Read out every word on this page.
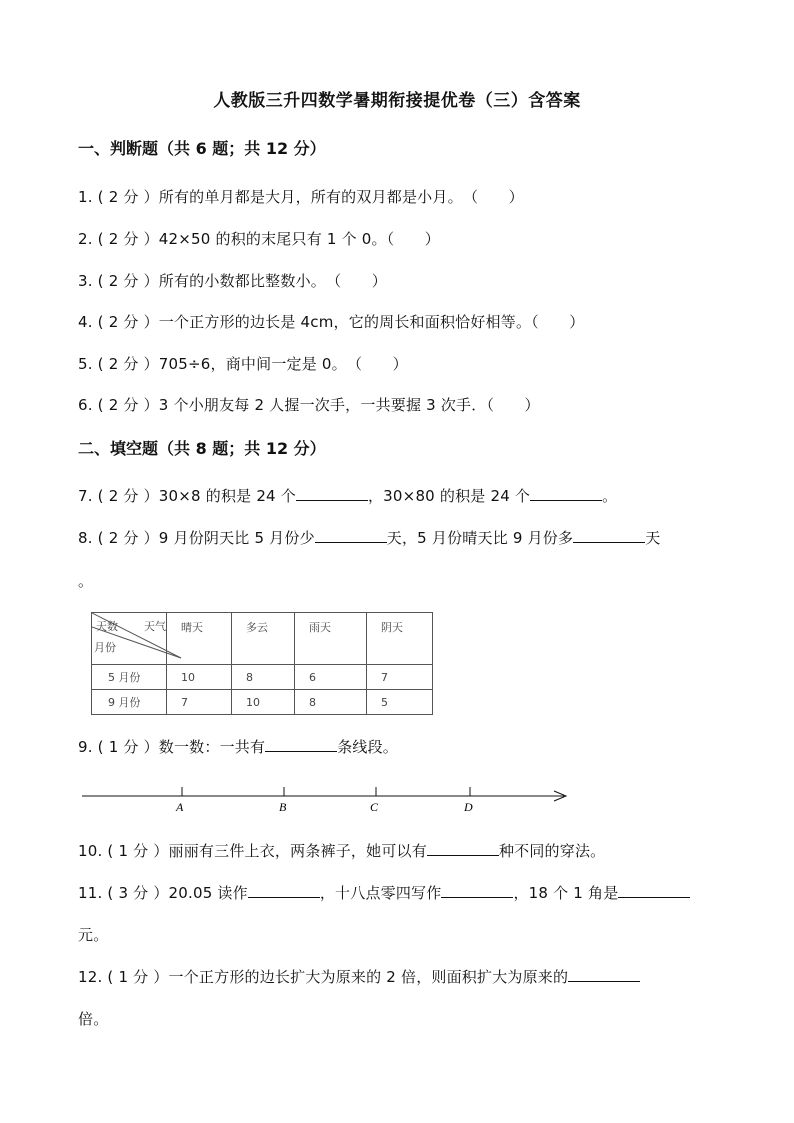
人教版三升四数学暑期衔接提优卷（三）含答案
一、判断题（共 6 题；共 12 分）
1. ( 2 分 ）所有的单月都是大月，所有的双月都是小月。　（　　）
2. ( 2 分 ）42×50 的积的末尾只有 1 个 0。（　　）
3. ( 2 分 ）所有的小数都比整数小。　（　　）
4. ( 2 分 ）一个正方形的边长是 4cm，它的周长和面积恰好相等。（　　）
5. ( 2 分 ）705÷6，商中间一定是 0。　（　　）
6. ( 2 分 ）3 个小朋友每 2 人握一次手，一共要握 3 次手．（　　）
二、填空题（共 8 题；共 12 分）
7. ( 2 分 ）30×8 的积是 24 个	，30×80 的积是 24 个	。
8. ( 2 分 ）9 月份阴天比 5 月份少	天，5 月份晴天比 9 月份多	天
。
天数 天气
月份	晴天	多云	雨天	阴天
5 月份	10	8	6	7
9 月份	7	10	8	5
9. ( 1 分 ）数一数：一共有	条线段。
A	B	C	D
10. ( 1 分 ）丽丽有三件上衣，两条裤子，她可以有	种不同的穿法。
11. ( 3 分 ）20.05 读作	，十八点零四写作	，18 个 1 角是
元。
12. ( 1 分 ）一个正方形的边长扩大为原来的 2 倍，则面积扩大为原来的
倍。
